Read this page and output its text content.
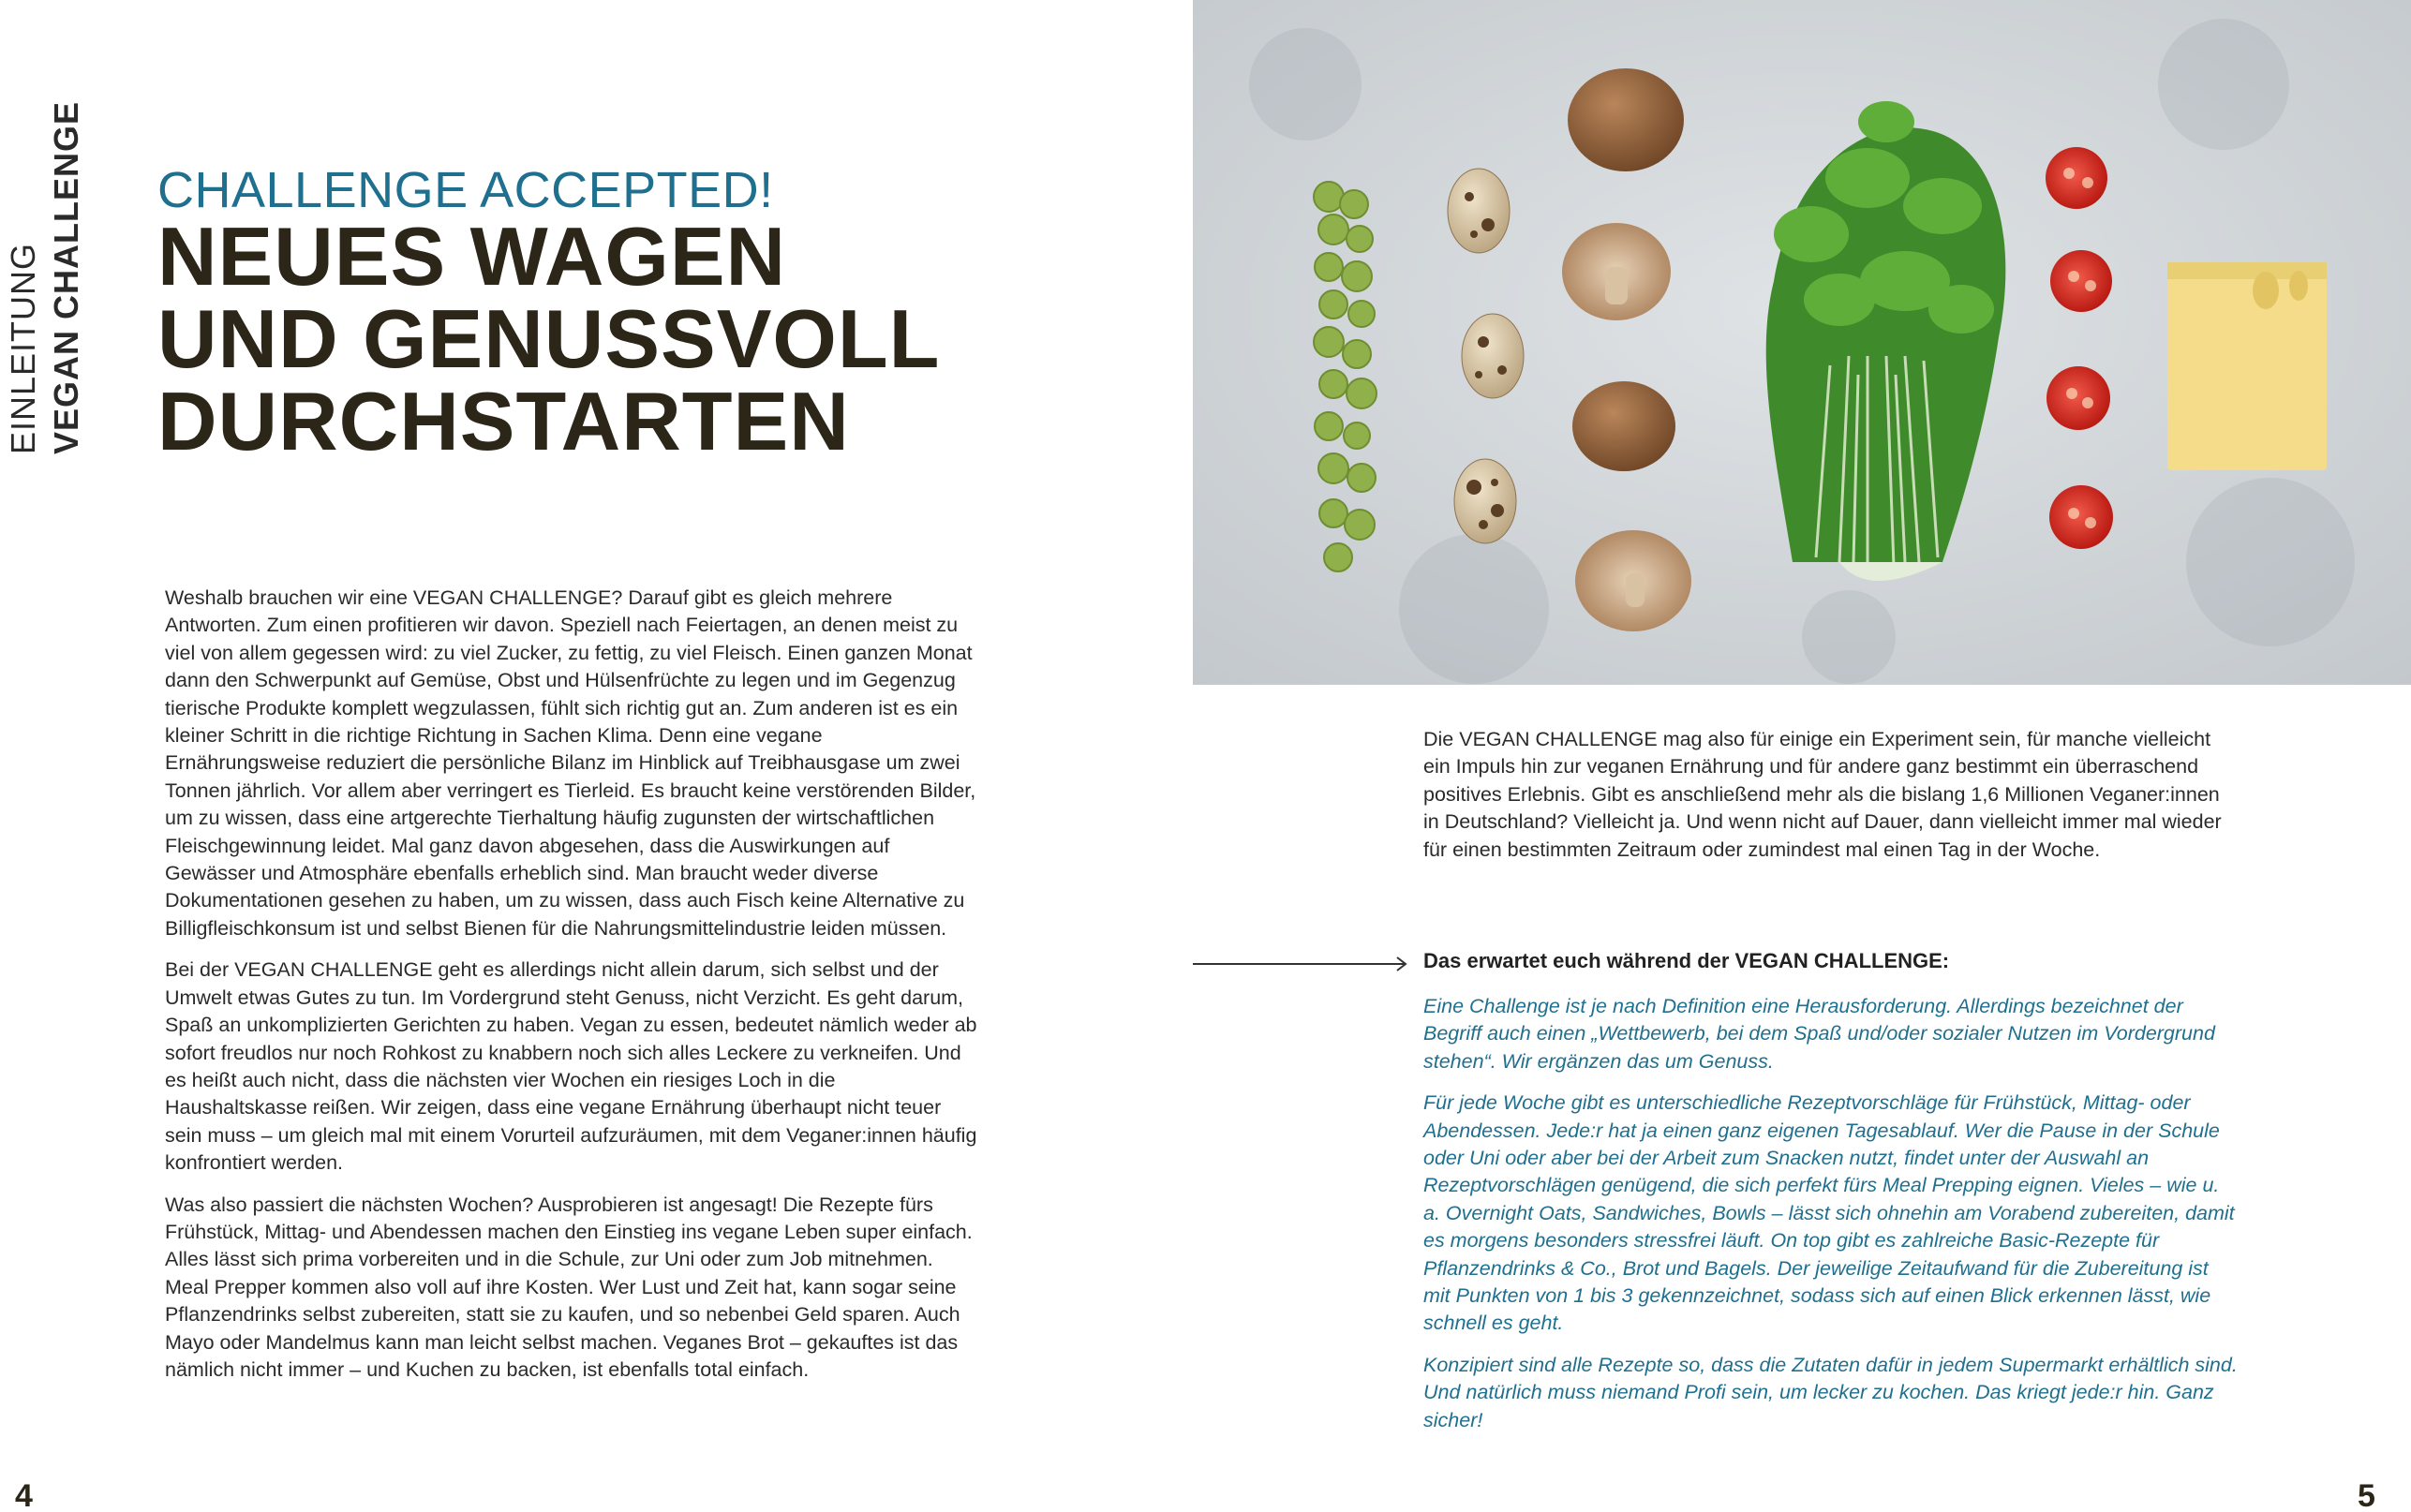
EINLEITUNG VEGAN CHALLENGE CHALLENGE ACCEPTED!
NEUES WAGEN
UND GENUSSVOLL
DURCHSTARTEN

Weshalb brauchen wir eine VEGAN CHALLENGE? Darauf gibt es gleich mehrere Antworten. Zum einen profitieren wir davon. Speziell nach Feiertagen, an denen meist zu viel von allem gegessen wird: zu viel Zucker, zu fettig, zu viel Fleisch. Einen ganzen Monat dann den Schwerpunkt auf Gemüse, Obst und Hülsenfrüchte zu legen und im Gegenzug tierische Produkte komplett wegzulassen, fühlt sich richtig gut an. Zum anderen ist es ein kleiner Schritt in die richtige Richtung in Sachen Klima. Denn eine vegane Ernährungsweise reduziert die persönliche Bilanz im Hinblick auf Treibhausgase um zwei Tonnen jährlich. Vor allem aber verringert es Tierleid. Es braucht keine verstörenden Bilder, um zu wissen, dass eine artgerechte Tierhaltung häufig zugunsten der wirtschaftlichen Fleischgewinnung leidet. Mal ganz davon abgesehen, dass die Auswirkungen auf Gewässer und Atmosphäre ebenfalls erheblich sind. Man braucht weder diverse Dokumentationen gesehen zu haben, um zu wissen, dass auch Fisch keine Alternative zu Billigfleischkonsum ist und selbst Bienen für die Nahrungsmittelindustrie leiden müssen.

Bei der VEGAN CHALLENGE geht es allerdings nicht allein darum, sich selbst und der Umwelt etwas Gutes zu tun. Im Vordergrund steht Genuss, nicht Verzicht. Es geht darum, Spaß an unkomplizierten Gerichten zu haben. Vegan zu essen, bedeutet nämlich weder ab sofort freudlos nur noch Rohkost zu knabbern noch sich alles Leckere zu verkneifen. Und es heißt auch nicht, dass die nächsten vier Wochen ein riesiges Loch in die Haushaltskasse reißen. Wir zeigen, dass eine vegane Ernährung überhaupt nicht teuer sein muss – um gleich mal mit einem Vorurteil aufzuräumen, mit dem Veganer:innen häufig konfrontiert werden.

Was also passiert die nächsten Wochen? Ausprobieren ist angesagt! Die Rezepte fürs Frühstück, Mittag- und Abendessen machen den Einstieg ins vegane Leben super einfach. Alles lässt sich prima vorbereiten und in die Schule, zur Uni oder zum Job mitnehmen. Meal Prepper kommen also voll auf ihre Kosten. Wer Lust und Zeit hat, kann sogar seine Pflanzendrinks selbst zubereiten, statt sie zu kaufen, und so nebenbei Geld sparen. Auch Mayo oder Mandelmus kann man leicht selbst machen. Veganes Brot – gekauftes ist das nämlich nicht immer – und Kuchen zu backen, ist ebenfalls total einfach.

Die VEGAN CHALLENGE mag also für einige ein Experiment sein, für manche vielleicht ein Impuls hin zur veganen Ernährung und für andere ganz bestimmt ein überraschend positives Erlebnis. Gibt es anschließend mehr als die bislang 1,6 Millionen Veganer:innen in Deutschland? Vielleicht ja. Und wenn nicht auf Dauer, dann vielleicht immer mal wieder für einen bestimmten Zeitraum oder zumindest mal einen Tag in der Woche.

Das erwartet euch während der VEGAN CHALLENGE:

Eine Challenge ist je nach Definition eine Herausforderung. Allerdings bezeichnet der Begriff auch einen „Wettbewerb, bei dem Spaß und/oder sozialer Nutzen im Vordergrund stehen“. Wir ergänzen das um Genuss.

Für jede Woche gibt es unterschiedliche Rezeptvorschläge für Frühstück, Mittag- oder Abendessen. Jede:r hat ja einen ganz eigenen Tagesablauf. Wer die Pause in der Schule oder Uni oder aber bei der Arbeit zum Snacken nutzt, findet unter der Auswahl an Rezeptvorschlägen genügend, die sich perfekt fürs Meal Prepping eignen. Vieles – wie u. a. Overnight Oats, Sandwiches, Bowls – lässt sich ohnehin am Vorabend zubereiten, damit es morgens besonders stressfrei läuft. On top gibt es zahlreiche Basic-Rezepte für Pflanzendrinks & Co., Brot und Bagels. Der jeweilige Zeitaufwand für die Zubereitung ist mit Punkten von 1 bis 3 gekennzeichnet, sodass sich auf einen Blick erkennen lässt, wie schnell es geht.

Konzipiert sind alle Rezepte so, dass die Zutaten dafür in jedem Supermarkt erhältlich sind. Und natürlich muss niemand Profi sein, um lecker zu kochen. Das kriegt jede:r hin. Ganz sicher!

4	5
